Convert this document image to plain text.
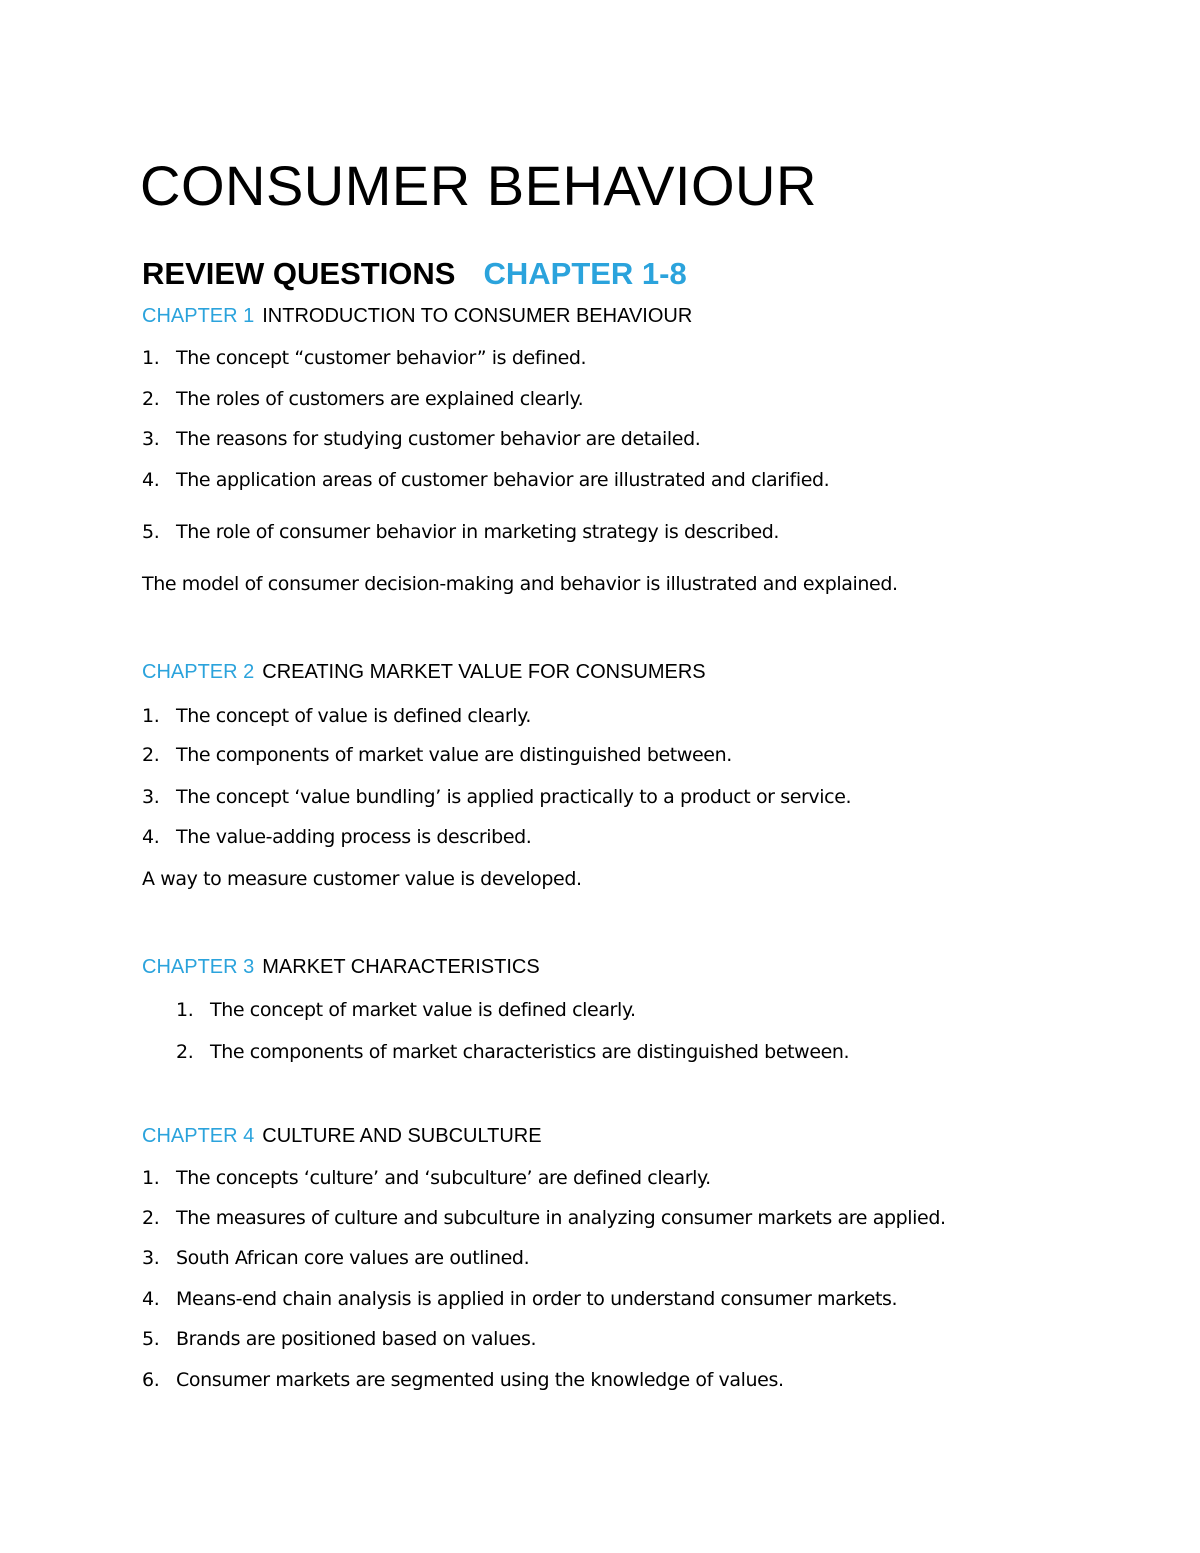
CONSUMER BEHAVIOUR
REVIEW QUESTIONS CHAPTER 1-8
CHAPTER 1 INTRODUCTION TO CONSUMER BEHAVIOUR
1. The concept “customer behavior” is defined.
2. The roles of customers are explained clearly.
3. The reasons for studying customer behavior are detailed.
4. The application areas of customer behavior are illustrated and clarified.
5. The role of consumer behavior in marketing strategy is described.

The model of consumer decision-making and behavior is illustrated and explained.

CHAPTER 2 CREATING MARKET VALUE FOR CONSUMERS
1. The concept of value is defined clearly.
2. The components of market value are distinguished between.
3. The concept ‘value bundling’ is applied practically to a product or service.
4. The value-adding process is described.

A way to measure customer value is developed.

CHAPTER 3 MARKET CHARACTERISTICS
1. The concept of market value is defined clearly.
2. The components of market characteristics are distinguished between.
CHAPTER 4 CULTURE AND SUBCULTURE
1. The concepts ‘culture’ and ‘subculture’ are defined clearly.
2. The measures of culture and subculture in analyzing consumer markets are applied.
3. South African core values are outlined.
4. Means-end chain analysis is applied in order to understand consumer markets.
5. Brands are positioned based on values.
6. Consumer markets are segmented using the knowledge of values.
